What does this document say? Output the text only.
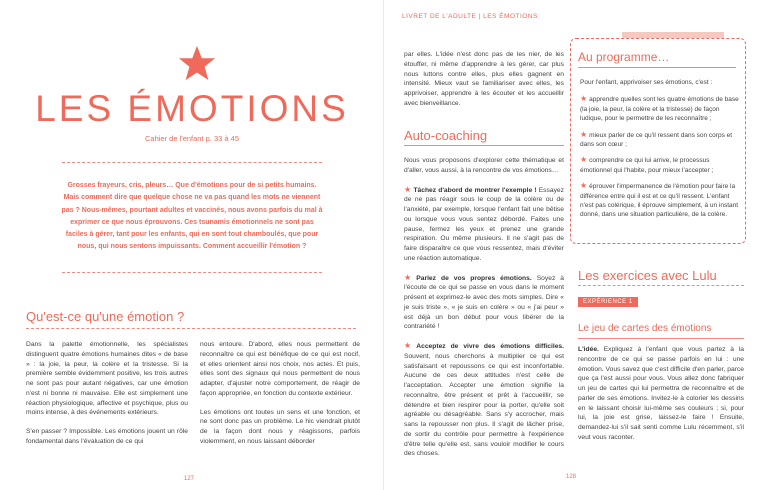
LES ÉMOTIONS
Cahier de l'enfant p. 33 à 45
Grosses frayeurs, cris, pleurs… Que d'émotions pour de si petits humains. Mais comment dire que quelque chose ne va pas quand les mots ne viennent pas ? Nous-mêmes, pourtant adultes et vaccinés, nous avons parfois du mal à exprimer ce que nous éprouvons. Ces tsunamis émotionnels ne sont pas faciles à gérer, tant pour les enfants, qui en sont tout chamboulés, que pour nous, qui nous sentons impuissants. Comment accueillir l'émotion ?
Qu'est-ce qu'une émotion ?

Dans la palette émotionnelle, les spécialistes distinguent quatre émotions humaines dites « de base » : la joie, la peur, la colère et la tristesse. Si la première semble évidemment positive, les trois autres ne sont pas pour autant négatives, car une émotion n'est ni bonne ni mauvaise. Elle est simplement une réaction physiologique, affective et psychique, plus ou moins intense, à des événements extérieurs.

S'en passer ? Impossible. Les émotions jouent un rôle fondamental dans l'évaluation de ce qui

nous entoure. D'abord, elles nous permettent de reconnaître ce qui est bénéfique de ce qui est nocif, et elles orientent ainsi nos choix, nos actes. Et puis, elles sont des signaux qui nous permettent de nous adapter, d'ajuster notre comportement, de réagir de façon appropriée, en fonction du contexte extérieur.

Les émotions ont toutes un sens et une fonction, et ne sont donc pas un problème. Le hic viendrait plutôt de la façon dont nous y réagissons, parfois violemment, en nous laissant déborder

127
LIVRET DE L'ADULTE | LES ÉMOTIONS
par elles. L'idée n'est donc pas de les nier, de les étouffer, ni même d'apprendre à les gérer, car plus nous luttons contre elles, plus elles gagnent en intensité. Mieux vaut se familiariser avec elles, les apprivoiser, apprendre à les écouter et les accueillir avec bienveillance.
Auto-coaching

Nous vous proposons d'explorer cette thématique et d'aller, vous aussi, à la rencontre de vos émotions…

★ Tâchez d'abord de montrer l'exemple ! Essayez de ne pas réagir sous le coup de la colère ou de l'anxiété, par exemple, lorsque l'enfant fait une bêtise ou lorsque vous vous sentez débordé. Faites une pause, fermez les yeux et prenez une grande respiration. Ou même plusieurs. Il ne s'agit pas de faire disparaître ce que vous ressentez, mais d'éviter une réaction automatique.

★ Parlez de vos propres émotions. Soyez à l'écoute de ce qui se passe en vous dans le moment présent et exprimez-le avec des mots simples. Dire « je suis triste », « je suis en colère » ou « j'ai peur » est déjà un bon début pour vous libérer de la contrariété !

★ Acceptez de vivre des émotions difficiles. Souvent, nous cherchons à multiplier ce qui est satisfaisant et repoussons ce qui est inconfortable. Aucune de ces deux attitudes n'est celle de l'acceptation. Accepter une émotion signifie la reconnaître, être présent et prêt à l'accueillir, se détendre et bien respirer pour la porter, qu'elle soit agréable ou désagréable. Sans s'y accrocher, mais sans la repousser non plus. Il s'agit de lâcher prise, de sortir du contrôle pour permettre à l'expérience d'être telle qu'elle est, sans vouloir modifier le cours des choses.

Au programme…
Pour l'enfant, apprivoiser ses émotions, c'est :
★ apprendre quelles sont les quatre émotions de base (la joie, la peur, la colère et la tristesse) de façon ludique, pour le permettre de les reconnaître ;
★ mieux parler de ce qu'il ressent dans son corps et dans son cœur ;
★ comprendre ce qui lui arrive, le processus émotionnel qui l'habite, pour mieux l'accepter ;
★ éprouver l'impermanence de l'émotion pour faire la différence entre qui il est et ce qu'il ressent. L'enfant n'est pas colérique, il éprouve simplement, à un instant donné, dans une situation particulière, de la colère.
Les exercices avec Lulu
EXPÉRIENCE 1
Le jeu de cartes des émotions

L'idée. Expliquez à l'enfant que vous partez à la rencontre de ce qui se passe parfois en lui : une émotion. Vous savez que c'est difficile d'en parler, parce que ça l'est aussi pour vous. Vous allez donc fabriquer un jeu de cartes qui lui permettra de reconnaître et de parler de ses émotions. Invitez-le à colorier les dessins en le laissant choisir lui-même ses couleurs ; si, pour lui, la joie est grise, laissez-le faire ! Ensuite, demandez-lui s'il sait senti comme Lulu récemment, s'il veut vous raconter.

128
